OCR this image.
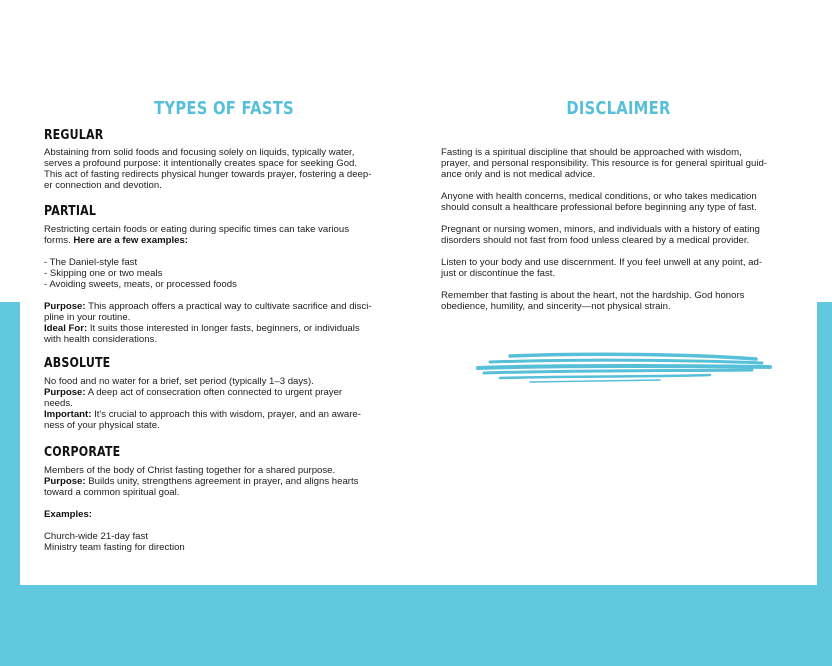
TYPES OF FASTS
REGULAR

Abstaining from solid foods and focusing solely on liquids, typically water,

serves a profound purpose: it intentionally creates space for seeking God.

This act of fasting redirects physical hunger towards prayer, fostering a deep-

er connection and devotion.

PARTIAL

Restricting certain foods or eating during specific times can take various

forms. Here are a few examples:

- The Daniel-style fast

- Skipping one or two meals

- Avoiding sweets, meats, or processed foods

Purpose: This approach offers a practical way to cultivate sacrifice and disci-

pline in your routine.

Ideal For: It suits those interested in longer fasts, beginners, or individuals

with health considerations.

ABSOLUTE

No food and no water for a brief, set period (typically 1–3 days).

Purpose: A deep act of consecration often connected to urgent prayer

needs.

Important: It's crucial to approach this with wisdom, prayer, and an aware-

ness of your physical state.

CORPORATE

Members of the body of Christ fasting together for a shared purpose.

Purpose: Builds unity, strengthens agreement in prayer, and aligns hearts

toward a common spiritual goal.

Examples:

Church-wide 21-day fast

Ministry team fasting for direction

DISCLAIMER

Fasting is a spiritual discipline that should be approached with wisdom,

prayer, and personal responsibility. This resource is for general spiritual guid-

ance only and is not medical advice.

Anyone with health concerns, medical conditions, or who takes medication

should consult a healthcare professional before beginning any type of fast.

Pregnant or nursing women, minors, and individuals with a history of eating

disorders should not fast from food unless cleared by a medical provider.

Listen to your body and use discernment. If you feel unwell at any point, ad-

just or discontinue the fast.

Remember that fasting is about the heart, not the hardship. God honors

obedience, humility, and sincerity—not physical strain.
